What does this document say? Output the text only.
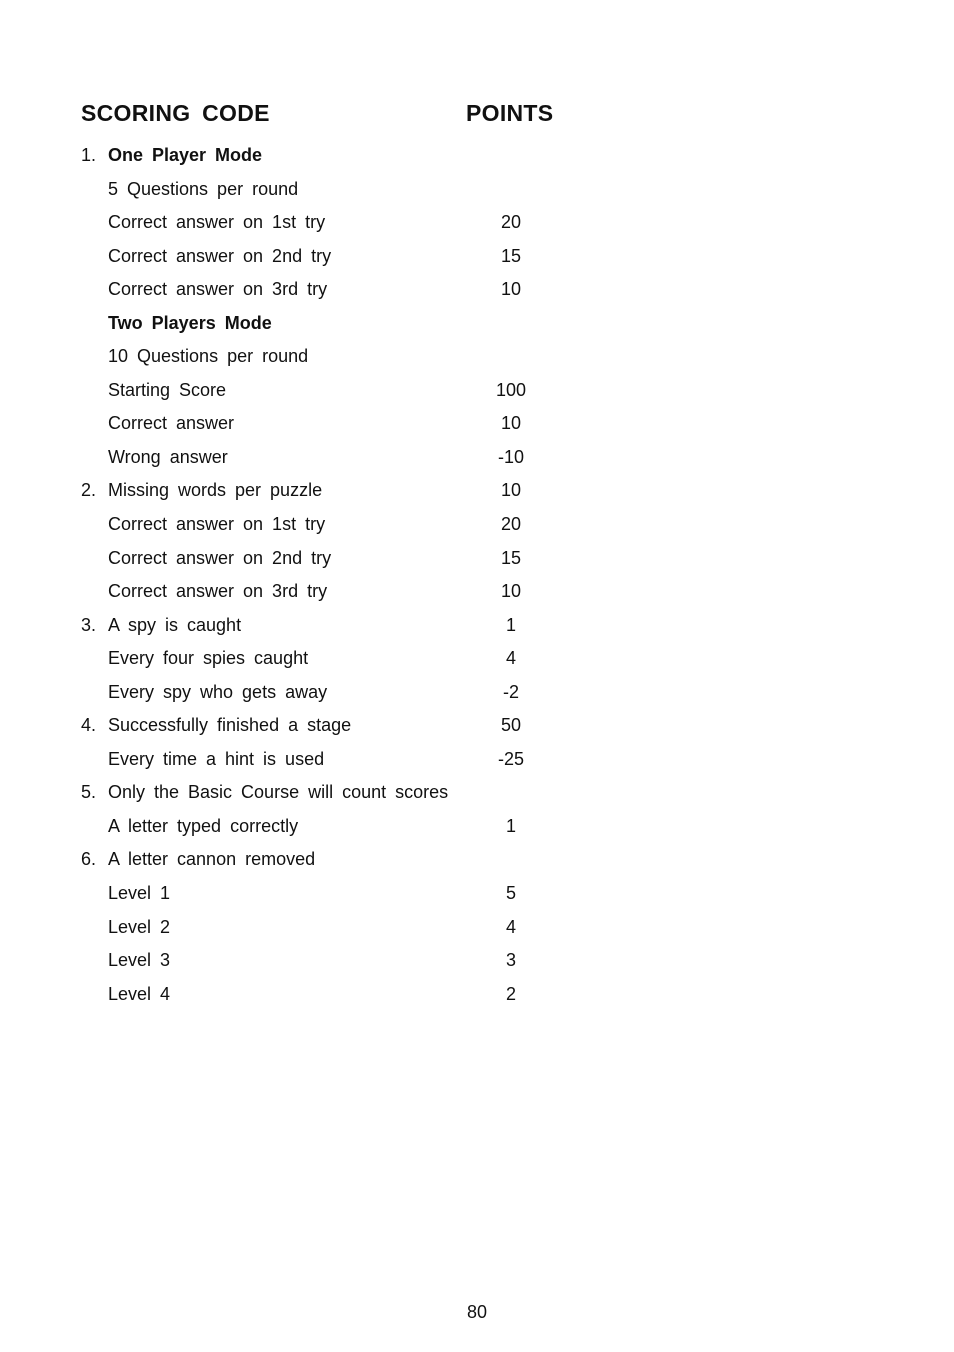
SCORING CODE	POINTS
1. One Player Mode
5 Questions per round
Correct answer on 1st try	20
Correct answer on 2nd try	15
Correct answer on 3rd try	10
Two Players Mode
10 Questions per round
Starting Score	100
Correct answer	10
Wrong answer	-10
2. Missing words per puzzle	10
Correct answer on 1st try	20
Correct answer on 2nd try	15
Correct answer on 3rd try	10
3. A spy is caught	1
Every four spies caught	4
Every spy who gets away	-2
4. Successfully finished a stage	50
Every time a hint is used	-25
5. Only the Basic Course will count scores
A letter typed correctly	1
6. A letter cannon removed
Level 1	5
Level 2	4
Level 3	3
Level 4	2
80
